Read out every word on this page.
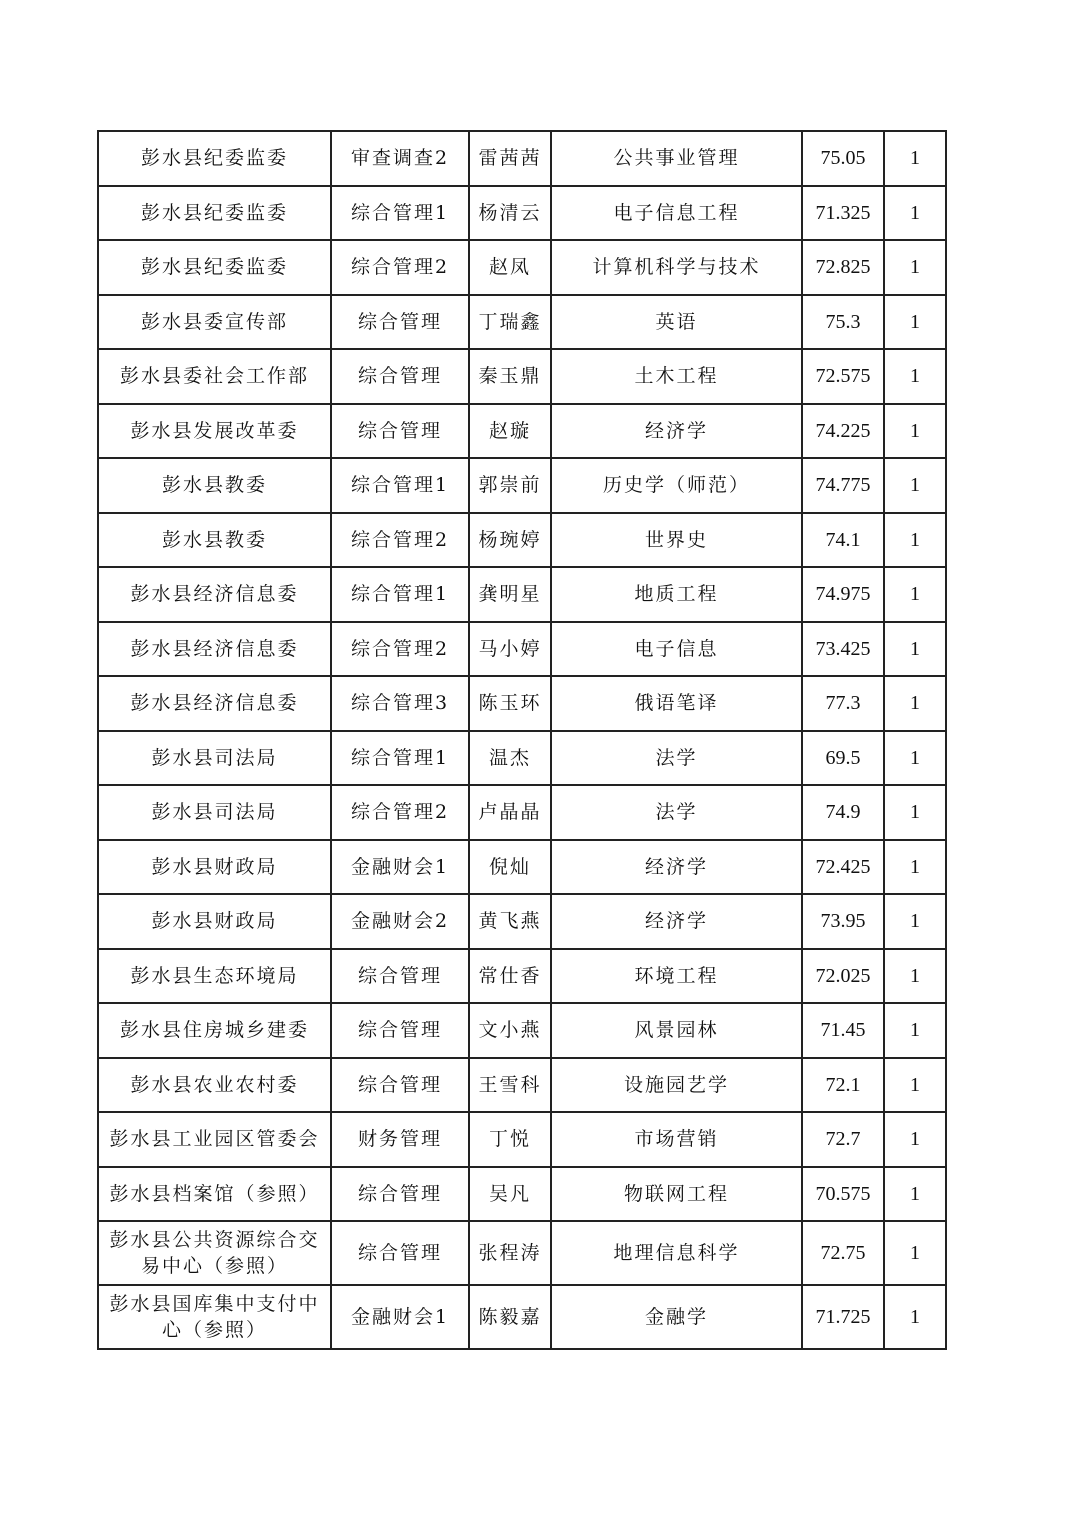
彭水县纪委监委	审查调查2	雷茜茜	公共事业管理	75.05	1
彭水县纪委监委	综合管理1	杨清云	电子信息工程	71.325	1
彭水县纪委监委	综合管理2	赵凤	计算机科学与技术	72.825	1
彭水县委宣传部	综合管理	丁瑞鑫	英语	75.3	1
彭水县委社会工作部	综合管理	秦玉鼎	土木工程	72.575	1
彭水县发展改革委	综合管理	赵璇	经济学	74.225	1
彭水县教委	综合管理1	郭崇前	历史学（师范）	74.775	1
彭水县教委	综合管理2	杨琬婷	世界史	74.1	1
彭水县经济信息委	综合管理1	龚明星	地质工程	74.975	1
彭水县经济信息委	综合管理2	马小婷	电子信息	73.425	1
彭水县经济信息委	综合管理3	陈玉环	俄语笔译	77.3	1
彭水县司法局	综合管理1	温杰	法学	69.5	1
彭水县司法局	综合管理2	卢晶晶	法学	74.9	1
彭水县财政局	金融财会1	倪灿	经济学	72.425	1
彭水县财政局	金融财会2	黄飞燕	经济学	73.95	1
彭水县生态环境局	综合管理	常仕香	环境工程	72.025	1
彭水县住房城乡建委	综合管理	文小燕	风景园林	71.45	1
彭水县农业农村委	综合管理	王雪科	设施园艺学	72.1	1
彭水县工业园区管委会	财务管理	丁悦	市场营销	72.7	1
彭水县档案馆（参照）	综合管理	吴凡	物联网工程	70.575	1
彭水县公共资源综合交易中心（参照）	综合管理	张程涛	地理信息科学	72.75	1
彭水县国库集中支付中心（参照）	金融财会1	陈毅嘉	金融学	71.725	1
